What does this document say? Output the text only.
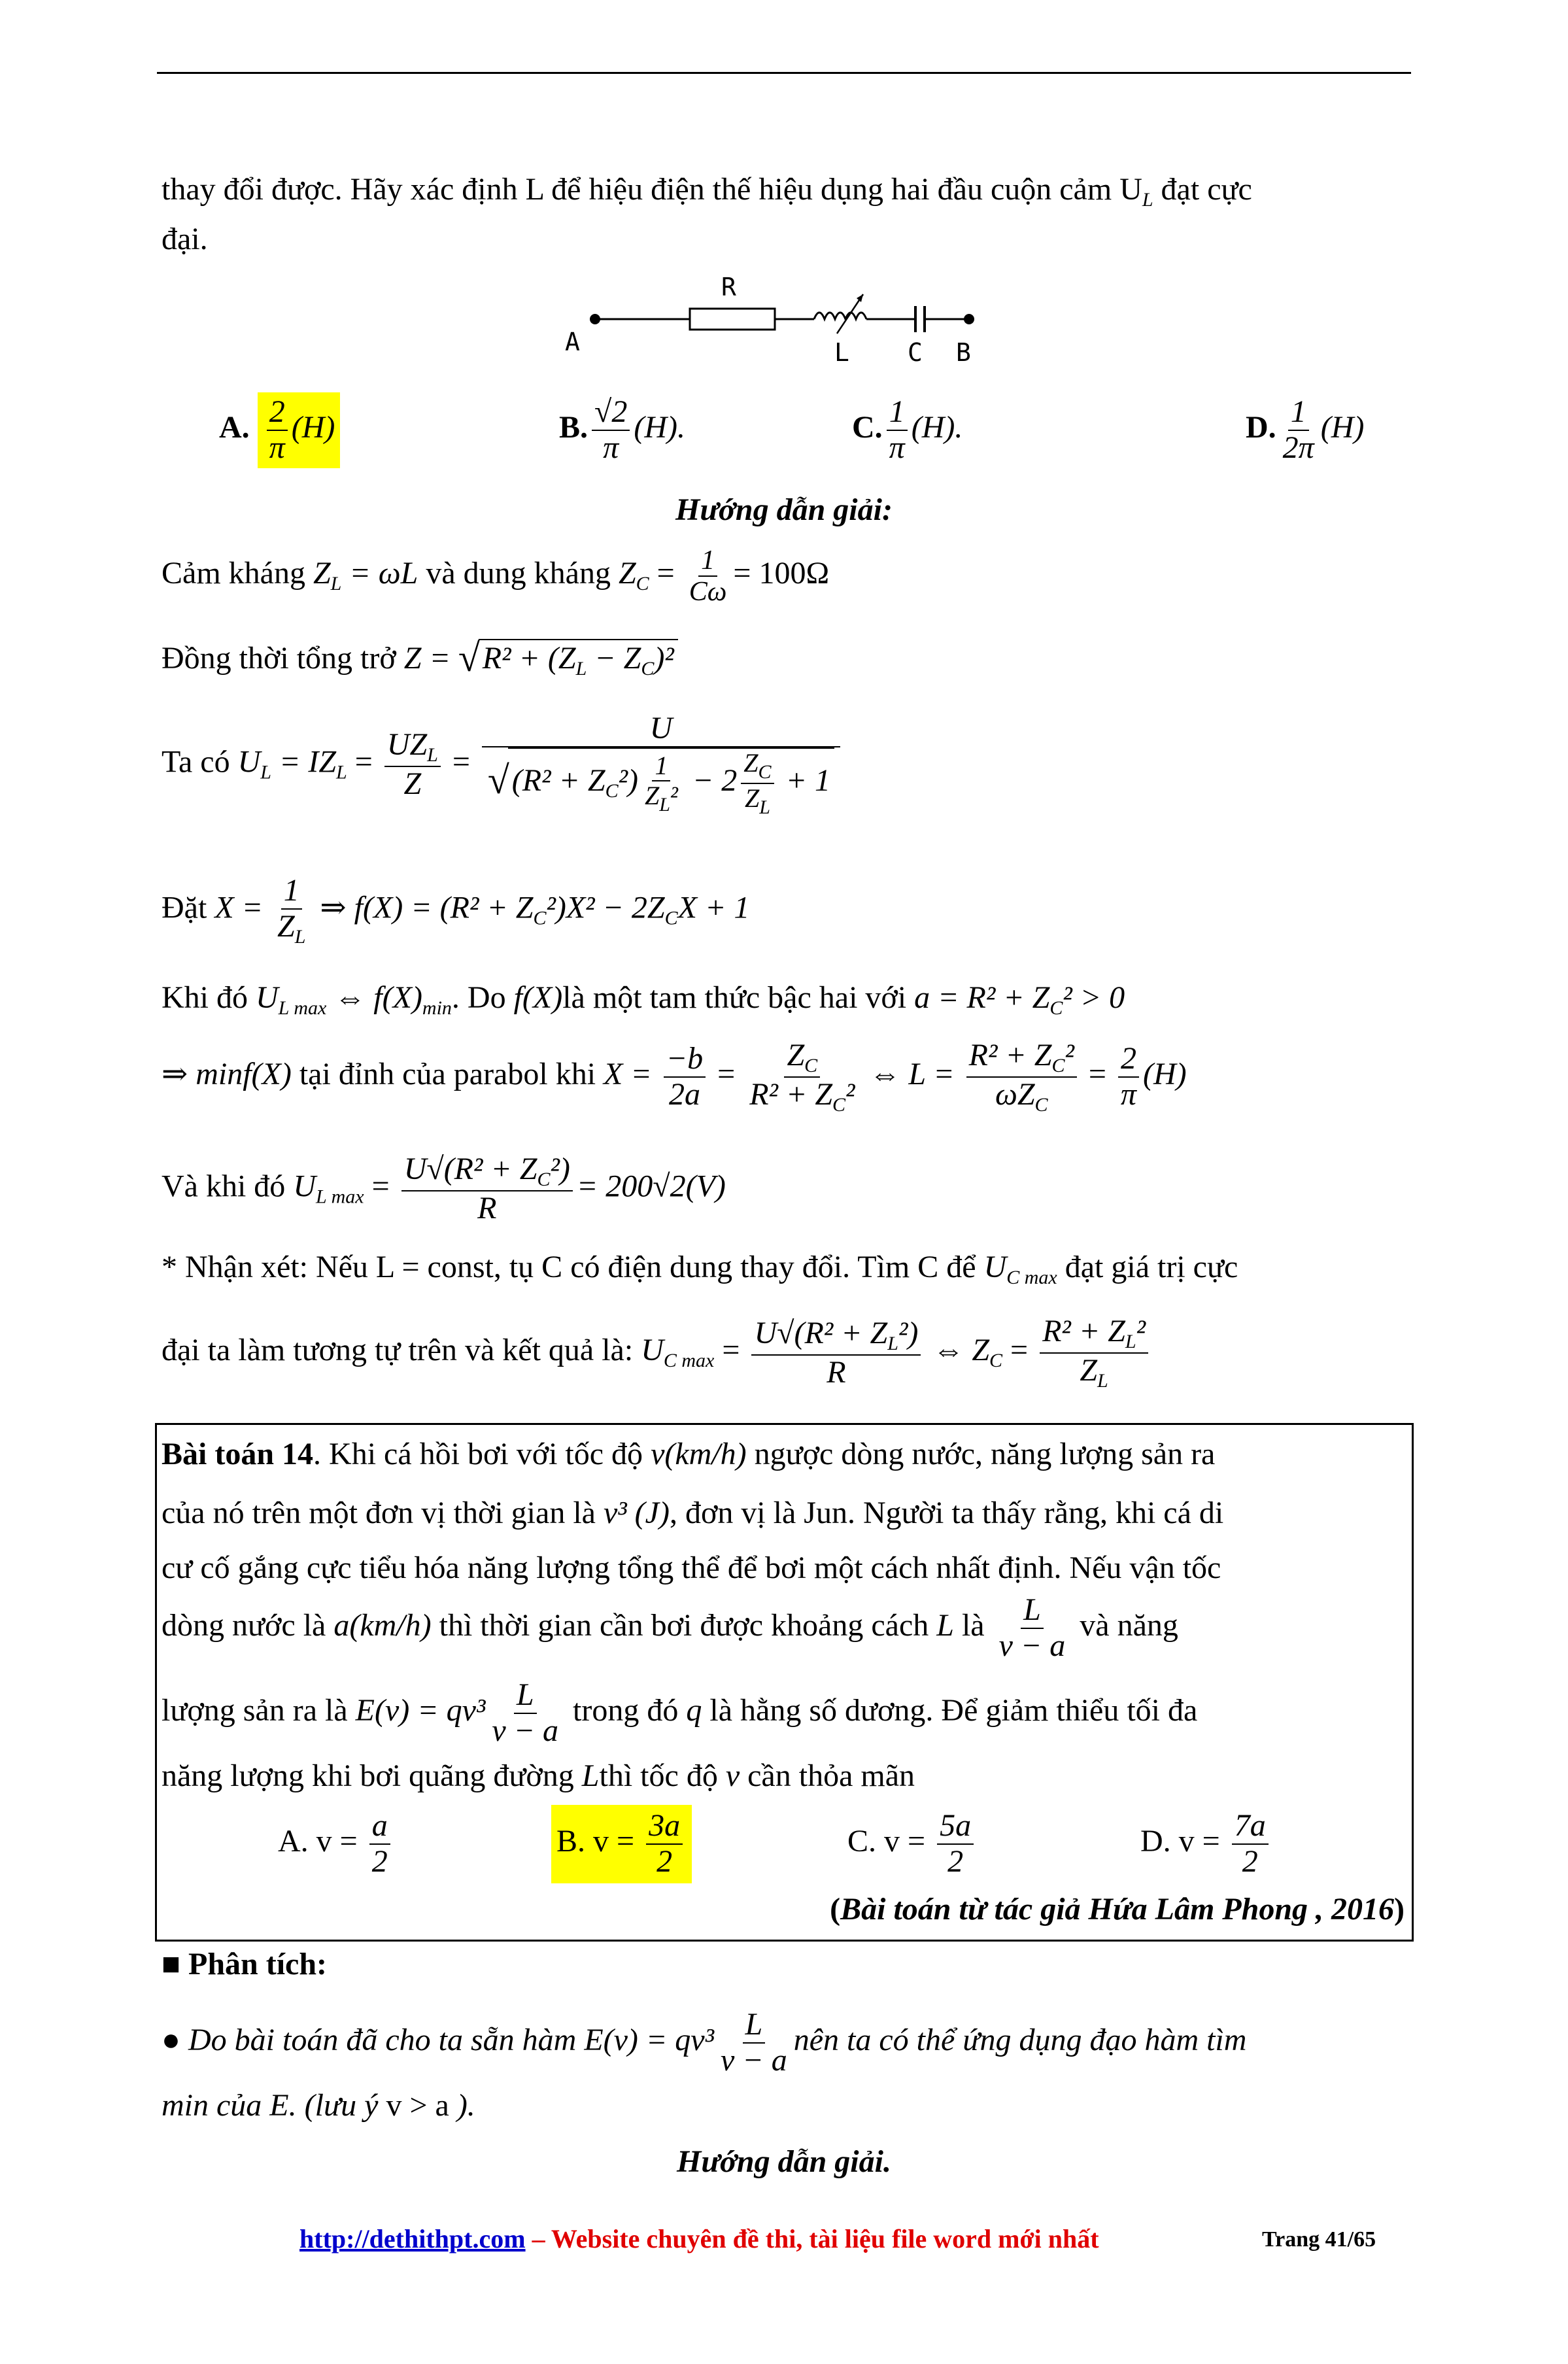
thay đổi được. Hãy xác định L để hiệu điện thế hiệu dụng hai đầu cuộn cảm $U_L$ đạt cực
đại.
R
A	L C B
A. $\frac{2}{\pi} (H)$	B. $\frac{√2}{\pi} (H)$.	C. $\frac{1}{\pi} (H)$.	D. $\frac{1}{2\pi} (H)$
Hướng dẫn giải:
Cảm kháng $Z_L = \omega L$ và dung kháng $Z_C = \frac{1}{C\omega} = 100\Omega$
Đồng thời tổng trở $Z = √R^2 + (Z_L - Z_C)^2$
Ta có $U_L = IZ_L = \frac{UZ_L}{Z} = \frac{U}{√(R^2 + Z_C^2) \frac{1}{Z_L^2} - 2 \frac{Z_C}{Z_L} + 1}$
Đặt $X = \frac{1}{Z_L}$ ⇒ $f(X) = (R^2 + Z_C^2)X^2 - 2Z_CX + 1$
Khi đó $U_{L max}$ ⇔ $f(X)_{min}$. Do f(X)là một tam thức bậc hai với $a = R^2 + Z_C^2 > 0$
⇒ minf(X) tại đỉnh của parabol khi $X = \frac{-b}{2a} = \frac{Z_C}{R^2 + Z_C^2}$ ⇔ $L = \frac{R^2 + Z_C^2}{\omega Z_C} = \frac{2}{\pi} (H)$
Và khi đó $U_{L max} = \frac{U√(R^2 + Z_C^2)}{R} = 200√2(V)$
* Nhận xét: Nếu L = const, tụ C có điện dung thay đổi. Tìm C để $U_{C max}$ đạt giá trị cực
đại ta làm tương tự trên và kết quả là: $U_{C max} = \frac{U√(R^2 + Z_L^2)}{R}$ ⇔ $Z_C = \frac{R^2 + Z_L^2}{Z_L}$
Bài toán 14. Khi cá hồi bơi với tốc độ v(km/h) ngược dòng nước, năng lượng sản ra
của nó trên một đơn vị thời gian là v³ (J), đơn vị là Jun. Người ta thấy rằng, khi cá di
cư cố gắng cực tiểu hóa năng lượng tổng thể để bơi một cách nhất định. Nếu vận tốc
dòng nước là a(km/h) thì thời gian cần bơi được khoảng cách L là $\frac{L}{v - a}$ và năng
lượng sản ra là $E(v) = qv^3 \frac{L}{v - a}$ trong đó q là hằng số dương. Để giảm thiểu tối đa
năng lượng khi bơi quãng đường Lthì tốc độ v cần thỏa mãn
A. $v = \frac{a}{2}$	B. $v = \frac{3a}{2}$	C. $v = \frac{5a}{2}$	D. $v = \frac{7a}{2}$
(Bài toán từ tác giả Hứa Lâm Phong , 2016)
■ Phân tích:
● Do bài toán đã cho ta sẵn hàm $E(v) = qv^3 \frac{L}{v - a}$ nên ta có thể ứng dụng đạo hàm tìm
min của E. (lưu ý v > a ).
Hướng dẫn giải.
http://dethithpt.com – Website chuyên đề thi, tài liệu file word mới nhất	Trang 41/65
